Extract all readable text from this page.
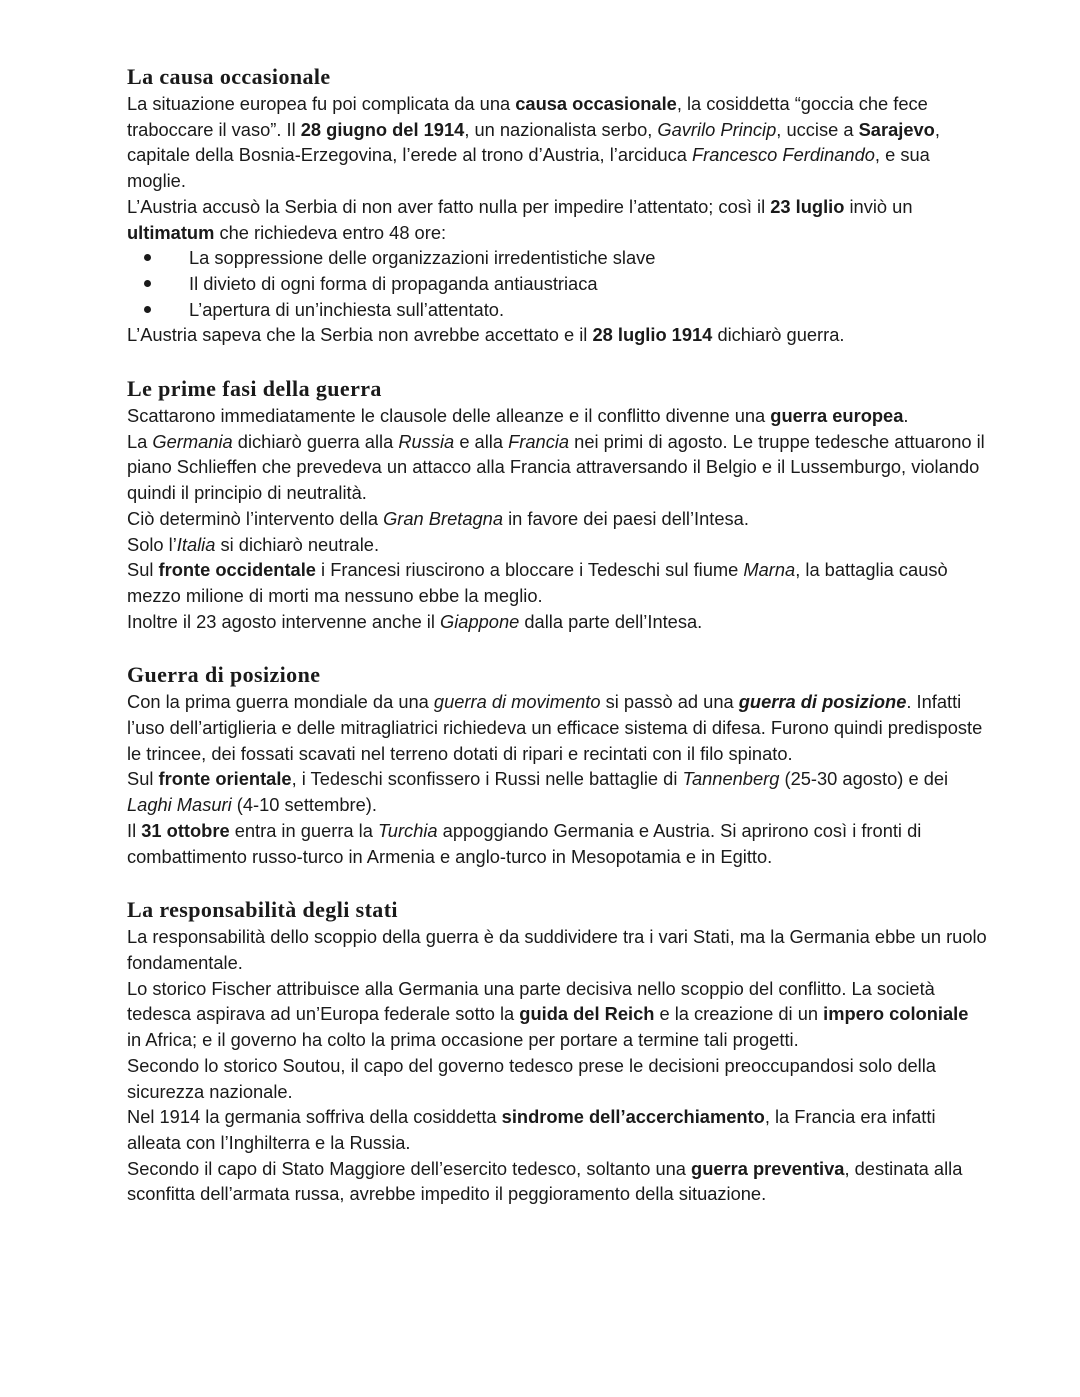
La causa occasionale

La situazione europea fu poi complicata da una causa occasionale, la cosiddetta “goccia che fece traboccare il vaso”. Il 28 giugno del 1914, un nazionalista serbo, Gavrilo Princip, uccise a Sarajevo, capitale della Bosnia-Erzegovina, l’erede al trono d’Austria, l’arciduca Francesco Ferdinando, e sua moglie.

L’Austria accusò la Serbia di non aver fatto nulla per impedire l’attentato; così il 23 luglio inviò un ultimatum che richiedeva entro 48 ore:

La soppressione delle organizzazioni irredentistiche slave
Il divieto di ogni forma di propaganda antiaustriaca
L’apertura di un’inchiesta sull’attentato.

L’Austria sapeva che la Serbia non avrebbe accettato e il 28 luglio 1914 dichiarò guerra.

Le prime fasi della guerra

Scattarono immediatamente le clausole delle alleanze e il conflitto divenne una guerra europea.

La Germania dichiarò guerra alla Russia e alla Francia nei primi di agosto. Le truppe tedesche attuarono il piano Schlieffen che prevedeva un attacco alla Francia attraversando il Belgio e il Lussemburgo, violando quindi il principio di neutralità.

Ciò determinò l’intervento della Gran Bretagna in favore dei paesi dell’Intesa.

Solo l’Italia si dichiarò neutrale.

Sul fronte occidentale i Francesi riuscirono a bloccare i Tedeschi sul fiume Marna, la battaglia causò mezzo milione di morti ma nessuno ebbe la meglio.

Inoltre il 23 agosto intervenne anche il Giappone dalla parte dell’Intesa.

Guerra di posizione

Con la prima guerra mondiale da una guerra di movimento si passò ad una guerra di posizione. Infatti l’uso dell’artiglieria e delle mitragliatrici richiedeva un efficace sistema di difesa. Furono quindi predisposte le trincee, dei fossati scavati nel terreno dotati di ripari e recintati con il filo spinato.

Sul fronte orientale, i Tedeschi sconfissero i Russi nelle battaglie di Tannenberg (25-30 agosto) e dei Laghi Masuri (4-10 settembre).

Il 31 ottobre entra in guerra la Turchia appoggiando Germania e Austria. Si aprirono così i fronti di combattimento russo-turco in Armenia e anglo-turco in Mesopotamia e in Egitto.

La responsabilità degli stati

La responsabilità dello scoppio della guerra è da suddividere tra i vari Stati, ma la Germania ebbe un ruolo fondamentale.

Lo storico Fischer attribuisce alla Germania una parte decisiva nello scoppio del conflitto. La società tedesca aspirava ad un’Europa federale sotto la guida del Reich e la creazione di un impero coloniale in Africa; e il governo ha colto la prima occasione per portare a termine tali progetti.

Secondo lo storico Soutou, il capo del governo tedesco prese le decisioni preoccupandosi solo della sicurezza nazionale.

Nel 1914 la germania soffriva della cosiddetta sindrome dell’accerchiamento, la Francia era infatti alleata con l’Inghilterra e la Russia.

Secondo il capo di Stato Maggiore dell’esercito tedesco, soltanto una guerra preventiva, destinata alla sconfitta dell’armata russa, avrebbe impedito il peggioramento della situazione.
